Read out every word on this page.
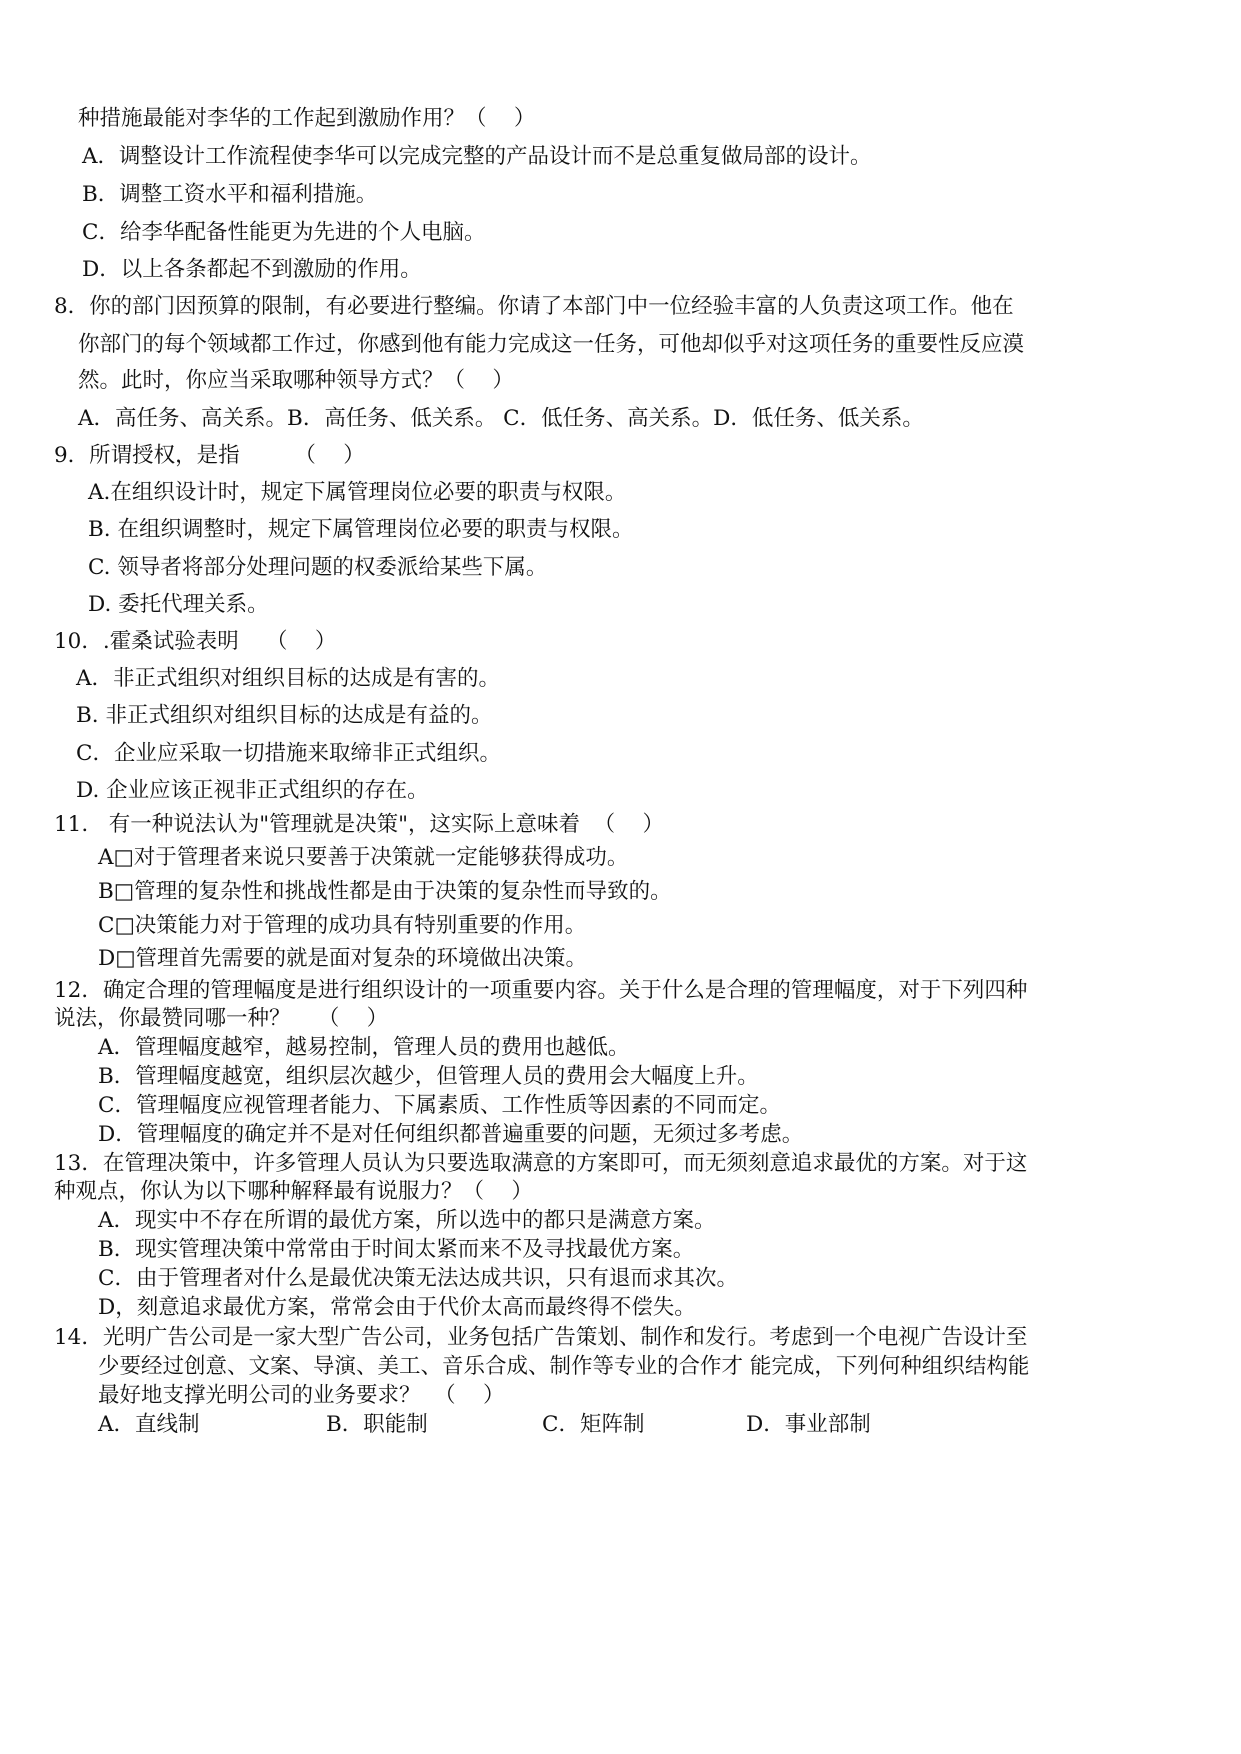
种措施最能对李华的工作起到激励作用？（    ）
A．调整设计工作流程使李华可以完成完整的产品设计而不是总重复做局部的设计。
B．调整工资水平和福利措施。
C．给李华配备性能更为先进的个人电脑。
D．以上各条都起不到激励的作用。
8．你的部门因预算的限制，有必要进行整编。你请了本部门中一位经验丰富的人负责这项工作。他在
你部门的每个领域都工作过，你感到他有能力完成这一任务，可他却似乎对这项任务的重要性反应漠
然。此时，你应当采取哪种领导方式？（    ）
A．高任务、高关系。B．高任务、低关系。 C．低任务、高关系。D．低任务、低关系。
9．所谓授权，是指        （    ）
A.在组织设计时，规定下属管理岗位必要的职责与权限。
B. 在组织调整时，规定下属管理岗位必要的职责与权限。
C. 领导者将部分处理问题的权委派给某些下属。
D. 委托代理关系。
10．.霍桑试验表明    （    ）
A．非正式组织对组织目标的达成是有害的。
B. 非正式组织对组织目标的达成是有益的。
C．企业应采取一切措施来取缔非正式组织。
D. 企业应该正视非正式组织的存在。
11.   有一种说法认为"管理就是决策"，这实际上意味着  （    ）
A□对于管理者来说只要善于决策就一定能够获得成功。
B□管理的复杂性和挑战性都是由于决策的复杂性而导致的。
C□决策能力对于管理的成功具有特别重要的作用。
D□管理首先需要的就是面对复杂的环境做出决策。
12．确定合理的管理幅度是进行组织设计的一项重要内容。关于什么是合理的管理幅度，对于下列四种
说法，你最赞同哪一种？    （    ）
A．管理幅度越窄，越易控制，管理人员的费用也越低。
B．管理幅度越宽，组织层次越少，但管理人员的费用会大幅度上升。
C．管理幅度应视管理者能力、下属素质、工作性质等因素的不同而定。
D．管理幅度的确定并不是对任何组织都普遍重要的问题，无须过多考虑。
13．在管理决策中，许多管理人员认为只要选取满意的方案即可，而无须刻意追求最优的方案。对于这
种观点，你认为以下哪种解释最有说服力？（    ）
A．现实中不存在所谓的最优方案，所以选中的都只是满意方案。
B．现实管理决策中常常由于时间太紧而来不及寻找最优方案。
C．由于管理者对什么是最优决策无法达成共识，只有退而求其次。
D，刻意追求最优方案，常常会由于代价太高而最终得不偿失。
14．光明广告公司是一家大型广告公司，业务包括广告策划、制作和发行。考虑到一个电视广告设计至
少要经过创意、文案、导演、美工、音乐合成、制作等专业的合作才 能完成，下列何种组织结构能
最好地支撑光明公司的业务要求？  （    ）

A．直线制

	B．职能制

	C．矩阵制

	D．事业部制
